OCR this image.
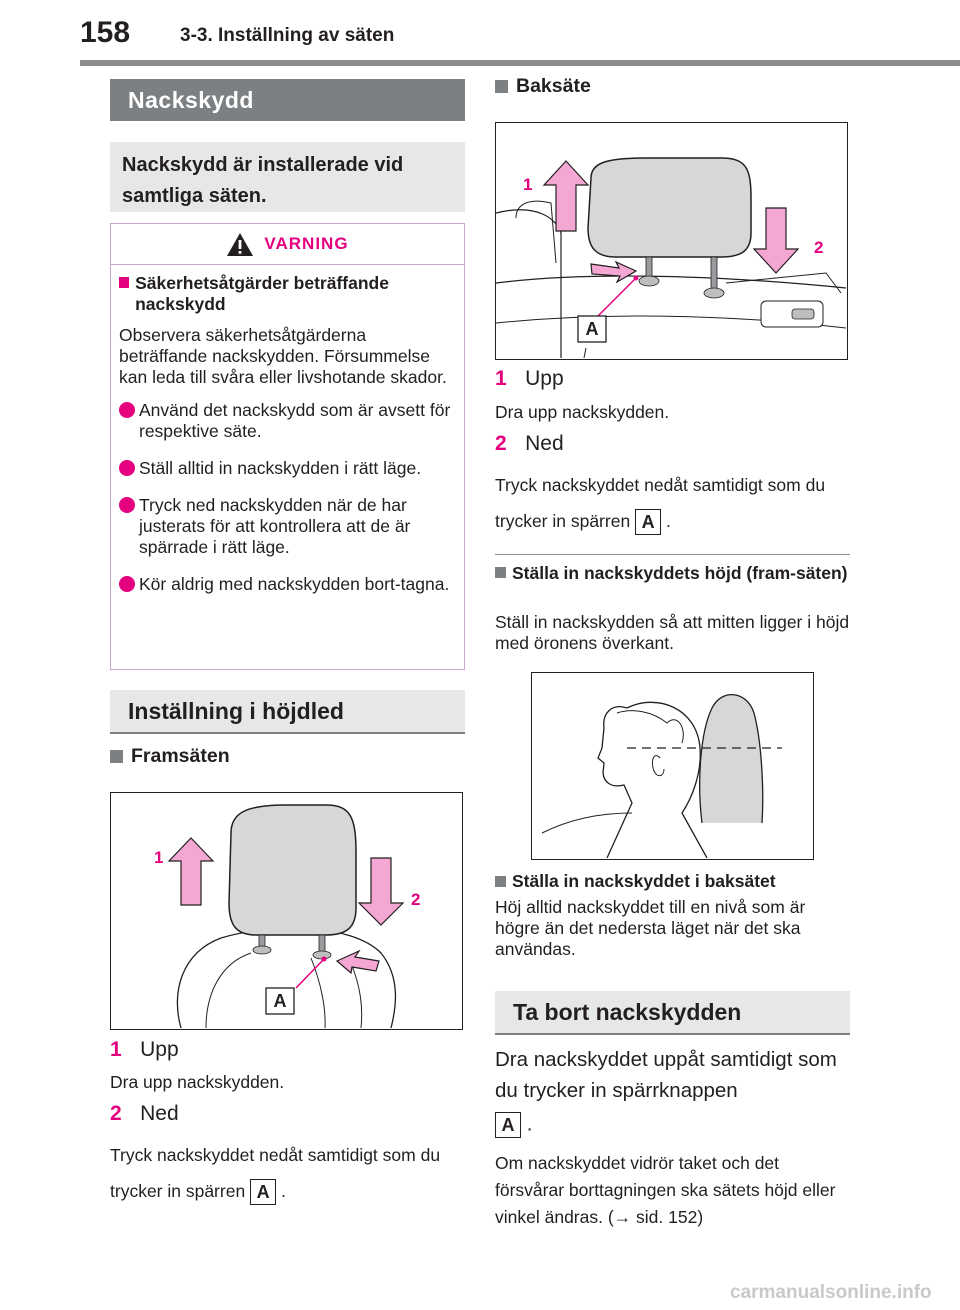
158	3-3. Inställning av säten
Nackskydd
Nackskydd är installerade vid samtliga säten.
VARNING
Säkerhetsåtgärder beträffande nackskydd
Observera säkerhetsåtgärderna beträffande nackskydden. Försummelse kan leda till svåra eller livshotande skador.
Använd det nackskydd som är avsett för respektive säte.
Ställ alltid in nackskydden i rätt läge.
Tryck ned nackskydden när de har justerats för att kontrollera att de är spärrade i rätt läge.
Kör aldrig med nackskydden bort-tagna.
Inställning i höjdled
Framsäten
1
2
A
1 Upp
Dra upp nackskydden.
2 Ned
Tryck nackskyddet nedåt samtidigt som du trycker in spärren A .
Baksäte
1
2
A
1 Upp
Dra upp nackskydden.
2 Ned
Tryck nackskyddet nedåt samtidigt som du trycker in spärren A .
Ställa in nackskyddets höjd (fram-säten)
Ställ in nackskydden så att mitten ligger i höjd med öronens överkant.
Ställa in nackskyddet i baksätet
Höj alltid nackskyddet till en nivå som är högre än det nedersta läget när det ska användas.
Ta bort nackskydden
Dra nackskyddet uppåt samtidigt som du trycker in spärrknappen
A .
Om nackskyddet vidrör taket och det försvårar borttagningen ska sätets höjd eller vinkel ändras. (→ sid. 152)
carmanualsonline.info
